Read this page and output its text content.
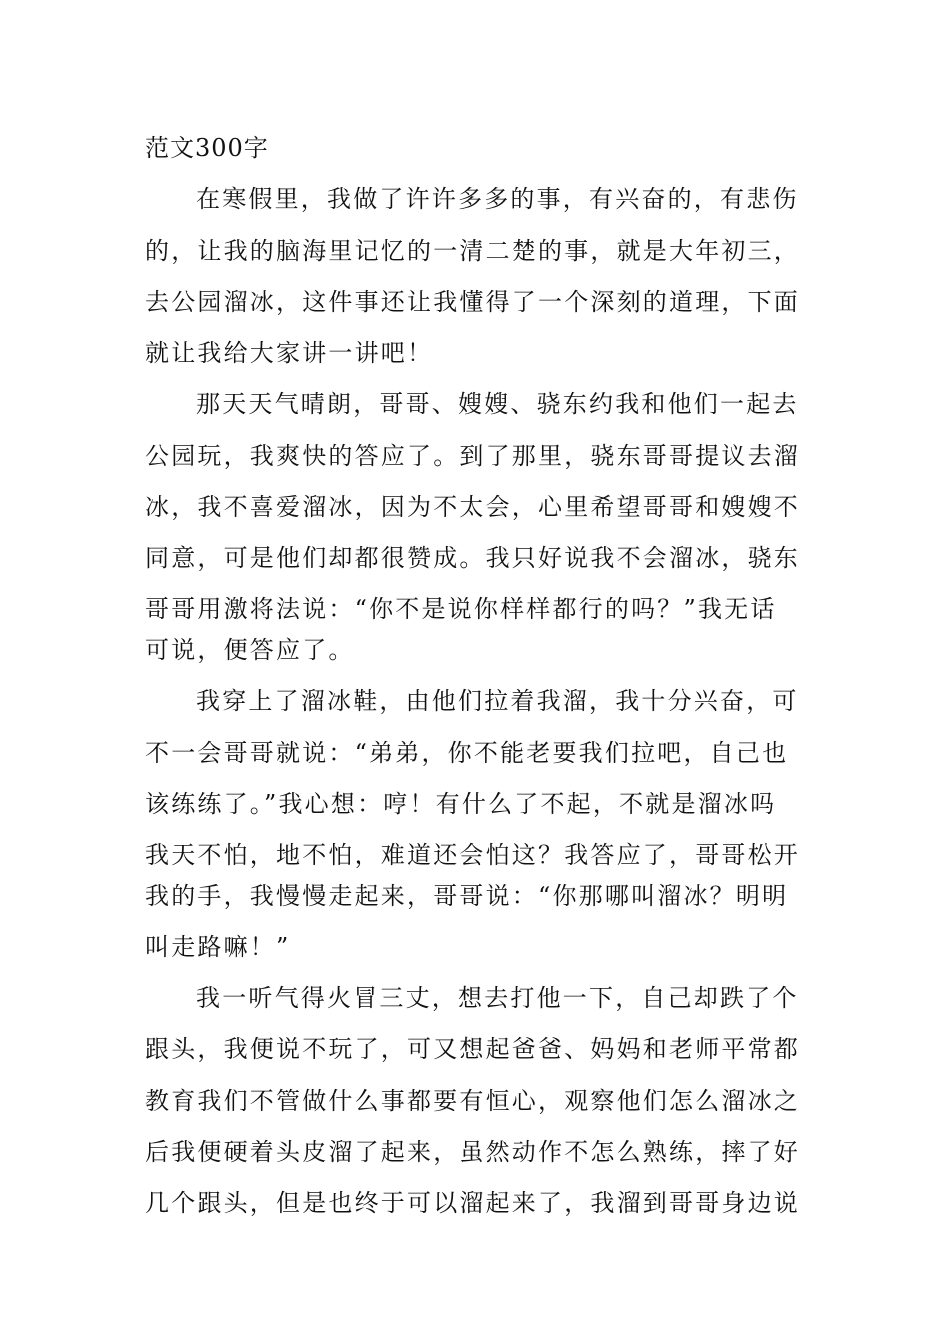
范文300字
在寒假里，我做了许许多多的事，有兴奋的，有悲伤
的，让我的脑海里记忆的一清二楚的事，就是大年初三，
去公园溜冰，这件事还让我懂得了一个深刻的道理，下面
就让我给大家讲一讲吧！
那天天气晴朗，哥哥、嫂嫂、骁东约我和他们一起去
公园玩，我爽快的答应了。到了那里，骁东哥哥提议去溜
冰，我不喜爱溜冰，因为不太会，心里希望哥哥和嫂嫂不
同意，可是他们却都很赞成。我只好说我不会溜冰，骁东
哥哥用激将法说：“你不是说你样样都行的吗？”我无话
可说，便答应了。
我穿上了溜冰鞋，由他们拉着我溜，我十分兴奋，可
不一会哥哥就说：“弟弟，你不能老要我们拉吧，自己也
该练练了。”我心想：哼！有什么了不起，不就是溜冰吗
我天不怕，地不怕，难道还会怕这？我答应了，哥哥松开
我的手，我慢慢走起来，哥哥说：“你那哪叫溜冰？明明
叫走路嘛！”
我一听气得火冒三丈，想去打他一下，自己却跌了个
跟头，我便说不玩了，可又想起爸爸、妈妈和老师平常都
教育我们不管做什么事都要有恒心，观察他们怎么溜冰之
后我便硬着头皮溜了起来，虽然动作不怎么熟练，摔了好
几个跟头，但是也终于可以溜起来了，我溜到哥哥身边说
